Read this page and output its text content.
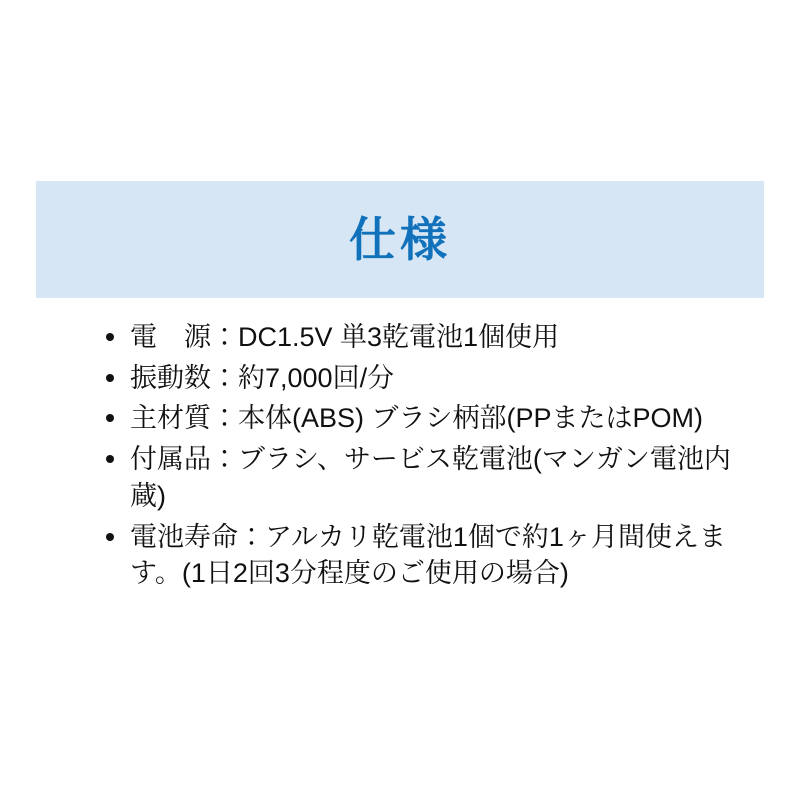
仕様
電　源：DC1.5V 単3乾電池1個使用
振動数：約7,000回/分
主材質：本体(ABS) ブラシ柄部(PPまたはPOM)
付属品：ブラシ、サービス乾電池(マンガン電池内蔵)
電池寿命：アルカリ乾電池1個で約1ヶ月間使えます。(1日2回3分程度のご使用の場合)
